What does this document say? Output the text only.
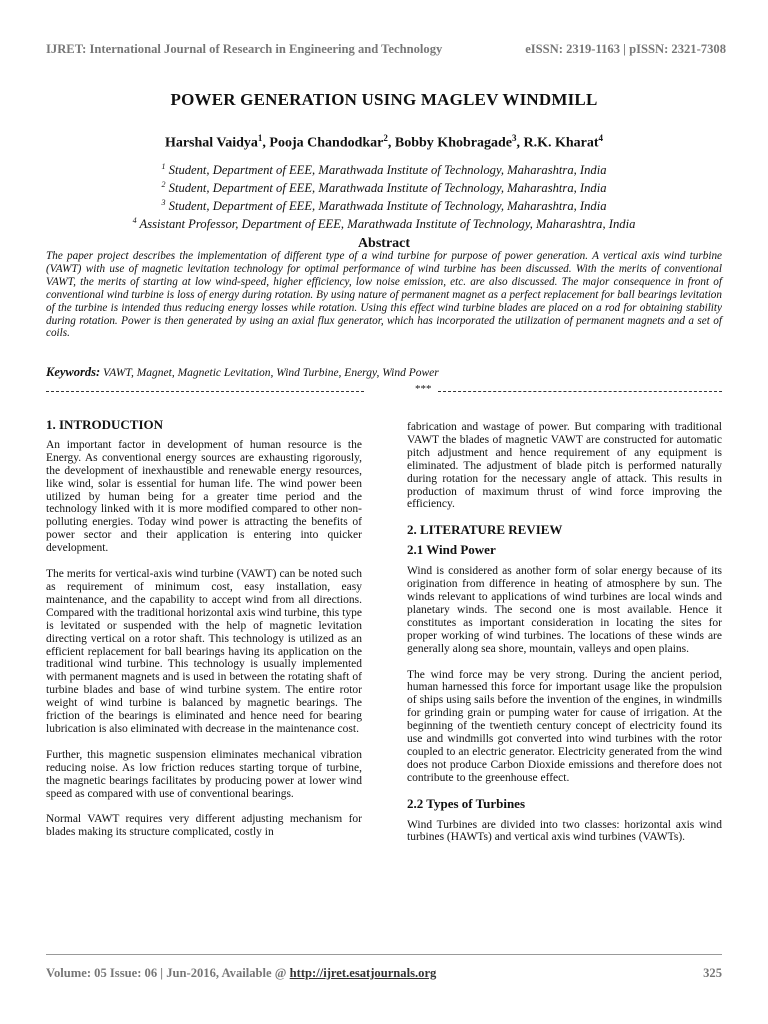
IJRET: International Journal of Research in Engineering and Technology	eISSN: 2319-1163 | pISSN: 2321-7308
POWER GENERATION USING MAGLEV WINDMILL
Harshal Vaidya$^1$, Pooja Chandodkar$^2$, Bobby Khobragade$^3$, R.K. Kharat$^4$
$^1$ Student, Department of EEE, Marathwada Institute of Technology, Maharashtra, India
$^2$ Student, Department of EEE, Marathwada Institute of Technology, Maharashtra, India
$^3$ Student, Department of EEE, Marathwada Institute of Technology, Maharashtra, India
$^4$ Assistant Professor, Department of EEE, Marathwada Institute of Technology, Maharashtra, India
Abstract
The paper project describes the implementation of different type of a wind turbine for purpose of power generation. A vertical axis wind turbine (VAWT) with use of magnetic levitation technology for optimal performance of wind turbine has been discussed. With the merits of conventional VAWT, the merits of starting at low wind-speed, higher efficiency, low noise emission, etc. are also discussed. The major consequence in front of conventional wind turbine is loss of energy during rotation. By using nature of permanent magnet as a perfect replacement for ball bearings levitation of the turbine is intended thus reducing energy losses while rotation. Using this effect wind turbine blades are placed on a rod for obtaining stability during rotation. Power is then generated by using an axial flux generator, which has incorporated the utilization of permanent magnets and a set of coils.
Keywords: VAWT, Magnet, Magnetic Levitation, Wind Turbine, Energy, Wind Power
***
1. INTRODUCTION

An important factor in development of human resource is the Energy. As conventional energy sources are exhausting rigorously, the development of inexhaustible and renewable energy resources, like wind, solar is essential for human life. The wind power been utilized by human being for a greater time period and the technology linked with it is more modified compared to other non-polluting energies. Today wind power is attracting the benefits of power sector and their application is entering into quicker development.

The merits for vertical-axis wind turbine (VAWT) can be noted such as requirement of minimum cost, easy installation, easy maintenance, and the capability to accept wind from all directions. Compared with the traditional horizontal axis wind turbine, this type is levitated or suspended with the help of magnetic levitation directing vertical on a rotor shaft. This technology is utilized as an efficient replacement for ball bearings having its application on the traditional wind turbine. This technology is usually implemented with permanent magnets and is used in between the rotating shaft of turbine blades and base of wind turbine system. The entire rotor weight of wind turbine is balanced by magnetic bearings. The friction of the bearings is eliminated and hence need for bearing lubrication is also eliminated with decrease in the maintenance cost.

Further, this magnetic suspension eliminates mechanical vibration reducing noise. As low friction reduces starting torque of turbine, the magnetic bearings facilitates by producing power at lower wind speed as compared with use of conventional bearings.

Normal VAWT requires very different adjusting mechanism for blades making its structure complicated, costly in

fabrication and wastage of power. But comparing with traditional VAWT the blades of magnetic VAWT are constructed for automatic pitch adjustment and hence requirement of any equipment is eliminated. The adjustment of blade pitch is performed naturally during rotation for the necessary angle of attack. This results in production of maximum thrust of wind force improving the efficiency.

2. LITERATURE REVIEW
2.1 Wind Power

Wind is considered as another form of solar energy because of its origination from difference in heating of atmosphere by sun. The winds relevant to applications of wind turbines are local winds and planetary winds. The second one is most available. Hence it constitutes as important consideration in locating the sites for proper working of wind turbines. The locations of these winds are generally along sea shore, mountain, valleys and open plains.

The wind force may be very strong. During the ancient period, human harnessed this force for important usage like the propulsion of ships using sails before the invention of the engines, in windmills for grinding grain or pumping water for cause of irrigation. At the beginning of the twentieth century concept of electricity found its use and windmills got converted into wind turbines with the rotor coupled to an electric generator. Electricity generated from the wind does not produce Carbon Dioxide emissions and therefore does not contribute to the greenhouse effect.

2.2 Types of Turbines

Wind Turbines are divided into two classes: horizontal axis wind turbines (HAWTs) and vertical axis wind turbines (VAWTs).

Volume: 05 Issue: 06 | Jun-2016, Available @ http://ijret.esatjournals.org	325
